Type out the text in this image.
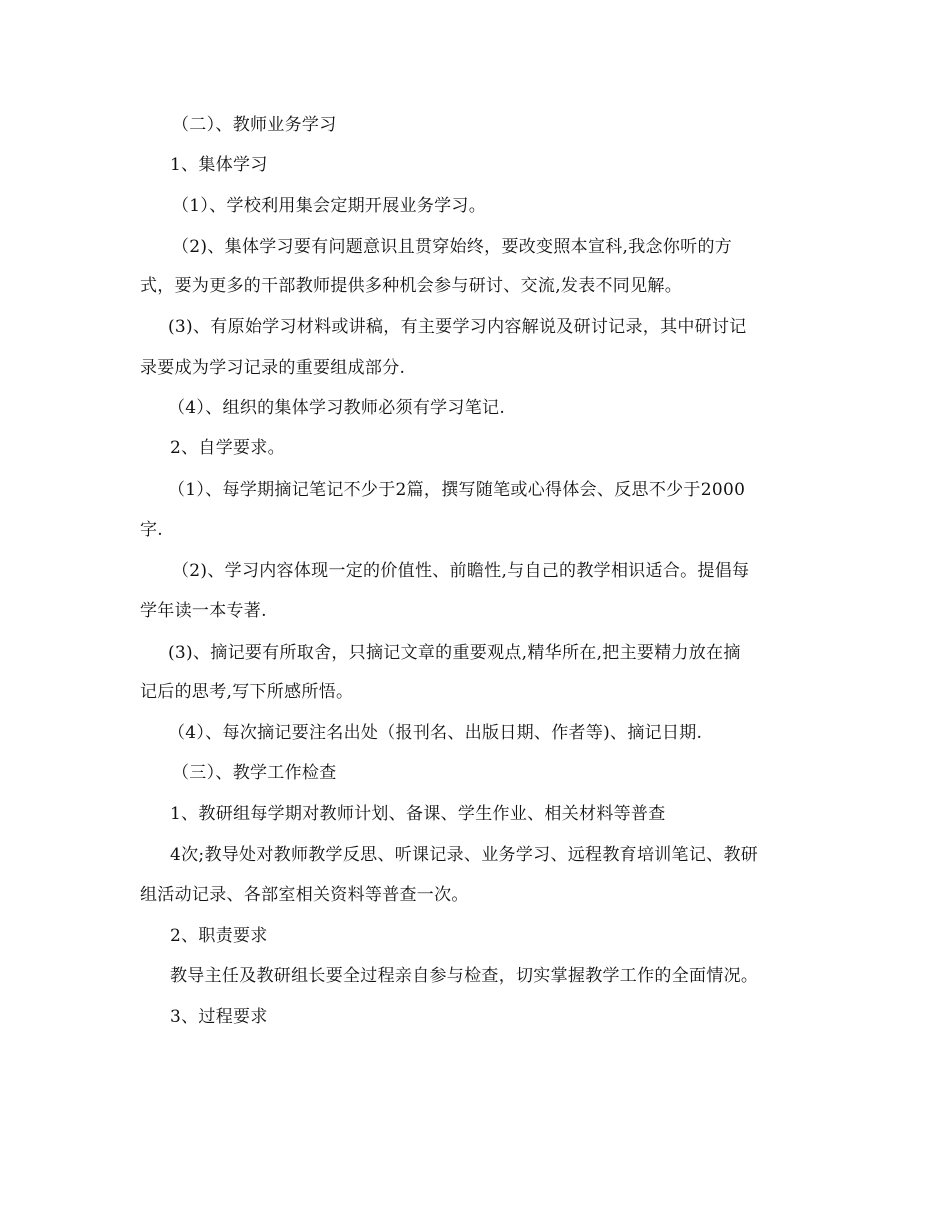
（二）、教师业务学习
1、集体学习
（1）、学校利用集会定期开展业务学习。
（2)、集体学习要有问题意识且贯穿始终，要改变照本宣科,我念你听的方
式，要为更多的干部教师提供多种机会参与研讨、交流,发表不同见解。
(3)、有原始学习材料或讲稿，有主要学习内容解说及研讨记录，其中研讨记
录要成为学习记录的重要组成部分.
（4）、组织的集体学习教师必须有学习笔记.
2、自学要求。
（1）、每学期摘记笔记不少于2篇，撰写随笔或心得体会、反思不少于2000
字.
（2)、学习内容体现一定的价值性、前瞻性,与自己的教学相识适合。提倡每
学年读一本专著.
(3)、摘记要有所取舍，只摘记文章的重要观点,精华所在,把主要精力放在摘
记后的思考,写下所感所悟。
（4）、每次摘记要注名出处（报刊名、出版日期、作者等)、摘记日期.
（三）、教学工作检查
1、教研组每学期对教师计划、备课、学生作业、相关材料等普查
4次;教导处对教师教学反思、听课记录、业务学习、远程教育培训笔记、教研
组活动记录、各部室相关资料等普查一次。
2、职责要求
教导主任及教研组长要全过程亲自参与检查，切实掌握教学工作的全面情况。
3、过程要求
